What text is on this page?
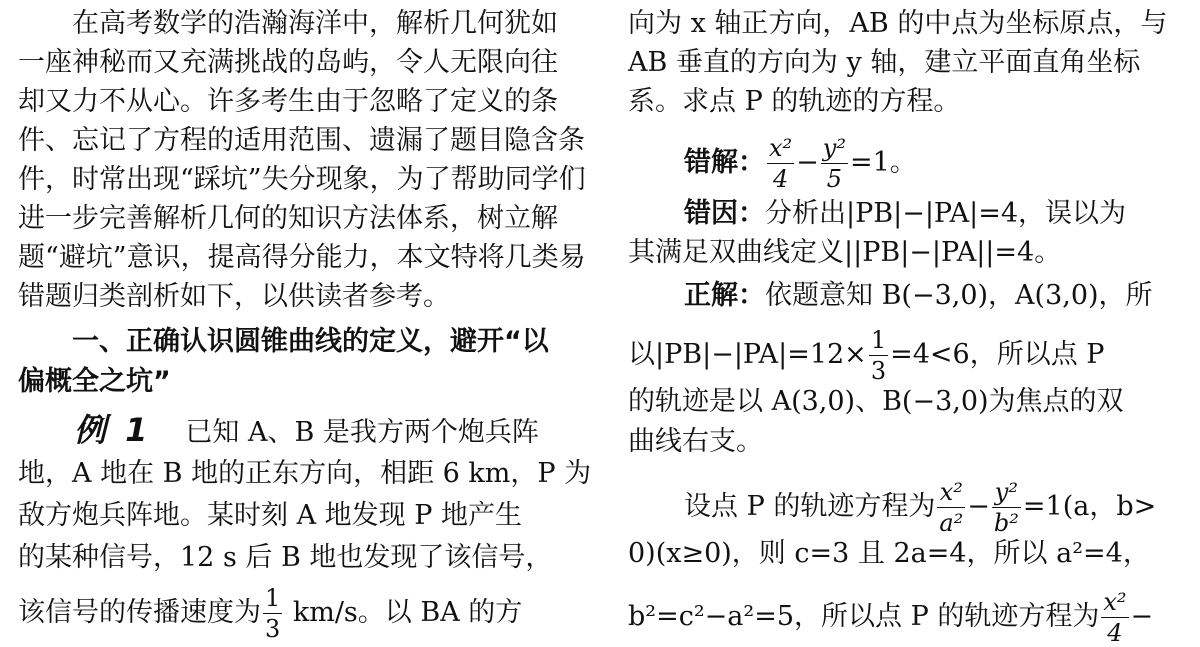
　　在高考数学的浩瀚海洋中，解析几何犹如
一座神秘而又充满挑战的岛屿，令人无限向往
却又力不从心。许多考生由于忽略了定义的条
件、忘记了方程的适用范围、遗漏了题目隐含条
件，时常出现“踩坑”失分现象，为了帮助同学们
进一步完善解析几何的知识方法体系，树立解
题“避坑”意识，提高得分能力，本文特将几类易
错题归类剖析如下，以供读者参考。
　　一、正确认识圆锥曲线的定义，避开“以
偏概全之坑”
例 1 已知 A、B 是我方两个炮兵阵
地，A 地在 B 地的正东方向，相距 6 km，P 为
敌方炮兵阵地。某时刻 A 地发现 P 地产生
的某种信号，12 s 后 B 地也发现了该信号，
该信号的传播速度为 $\frac{1}{3} km/s$。以 BA 的方
向为 x 轴正方向，AB 的中点为坐标原点，与
AB 垂直的方向为 y 轴，建立平面直角坐标
系。求点 P 的轨迹的方程。
错解： $\frac{\text{x²}}{4} - \frac{\text{y²}}{5} =1$。
错因：分析出|PB|−|PA|=4，误以为
其满足双曲线定义||PB|−|PA||=4。
正解：依题意知 B(−3,0)，A(3,0)，所
以$|PB|-|PA|=12\times \frac{1}{3} =4<6$，所以点 P
的轨迹是以 A(3,0)、B(−3,0)为焦点的双
曲线右支。
设点 P 的轨迹方程为 $\frac{\text{x²}}{\text{a²}} - \frac{\text{y²}}{\text{b²}} =1(a$，b>
0)(x≥0)，则 c=3 且 2a=4，所以 a²=4，
b²=c²−a²=5，所以点 P 的轨迹方程为 $\frac{\text{x²}}{4}$ −
